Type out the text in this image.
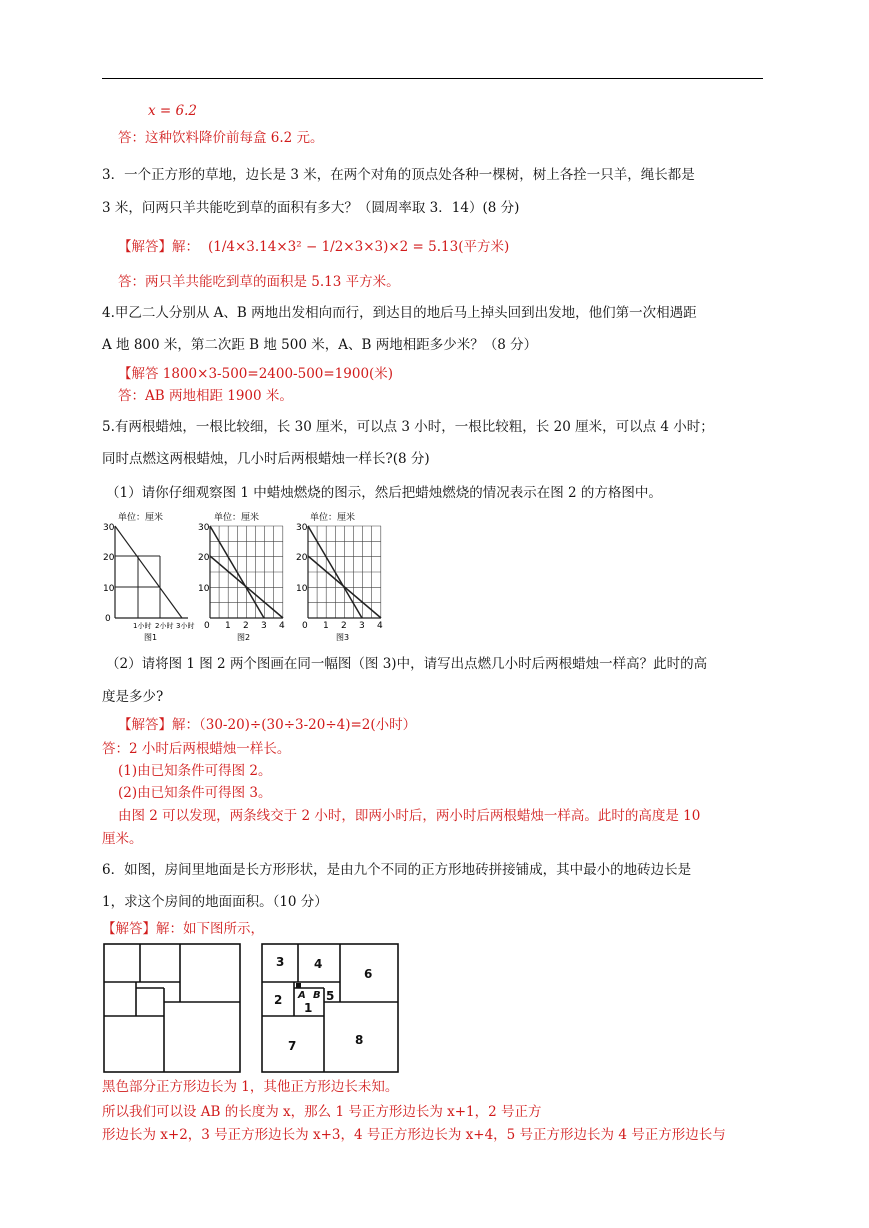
x = 6.2
答：这种饮料降价前每盒 6.2 元。
3．一个正方形的草地，边长是 3 米，在两个对角的顶点处各种一棵树，树上各拴一只羊，绳长都是
3 米，问两只羊共能吃到草的面积有多大？（圆周率取 3．14）(8 分)
【解答】解： (1/4×3.14×3² − 1/2×3×3)×2 = 5.13(平方米)
答：两只羊共能吃到草的面积是 5.13 平方米。
4.甲乙二人分别从 A、B 两地出发相向而行，到达目的地后马上掉头回到出发地，他们第一次相遇距
A 地 800 米，第二次距 B 地 500 米，A、B 两地相距多少米？（8 分）
【解答 1800×3-500=2400-500=1900(米)
答：AB 两地相距 1900 米。
5.有两根蜡烛，一根比较细，长 30 厘米，可以点 3 小时，一根比较粗，长 20 厘米，可以点 4 小时；
同时点燃这两根蜡烛，几小时后两根蜡烛一样长?(8 分)
（1）请你仔细观察图 1 中蜡烛燃烧的图示，然后把蜡烛燃烧的情况表示在图 2 的方格图中。
单位：厘米
30
20
10
0
1小时 2小时 3小时
图1
单位：厘米
30
20
10
0 1 2 3 4
图2
单位：厘米
30
20
10
0 1 2 3 4
图3
（2）请将图 1 图 2 两个图画在同一幅图（图 3)中，请写出点燃几小时后两根蜡烛一样高？此时的高
度是多少?
【解答】解：（30-20)÷(30÷3-20÷4)=2(小时）
答：2 小时后两根蜡烛一样长。
(1)由已知条件可得图 2。
(2)由已知条件可得图 3。
由图 2 可以发现，两条线交于 2 小时，即两小时后，两小时后两根蜡烛一样高。此时的高度是 10
厘米。
6．如图，房间里地面是长方形形状，是由九个不同的正方形地砖拼接铺成，其中最小的地砖边长是
1，求这个房间的地面面积。（10 分）
【解答】解：如下图所示，
3 4
6
2 A B
1
5
7	8
黑色部分正方形边长为 1，其他正方形边长未知。
所以我们可以设 AB 的长度为 x，那么 1 号正方形边长为 x+1，2 号正方
形边长为 x+2，3 号正方形边长为 x+3，4 号正方形边长为 x+4，5 号正方形边长为 4 号正方形边长与
